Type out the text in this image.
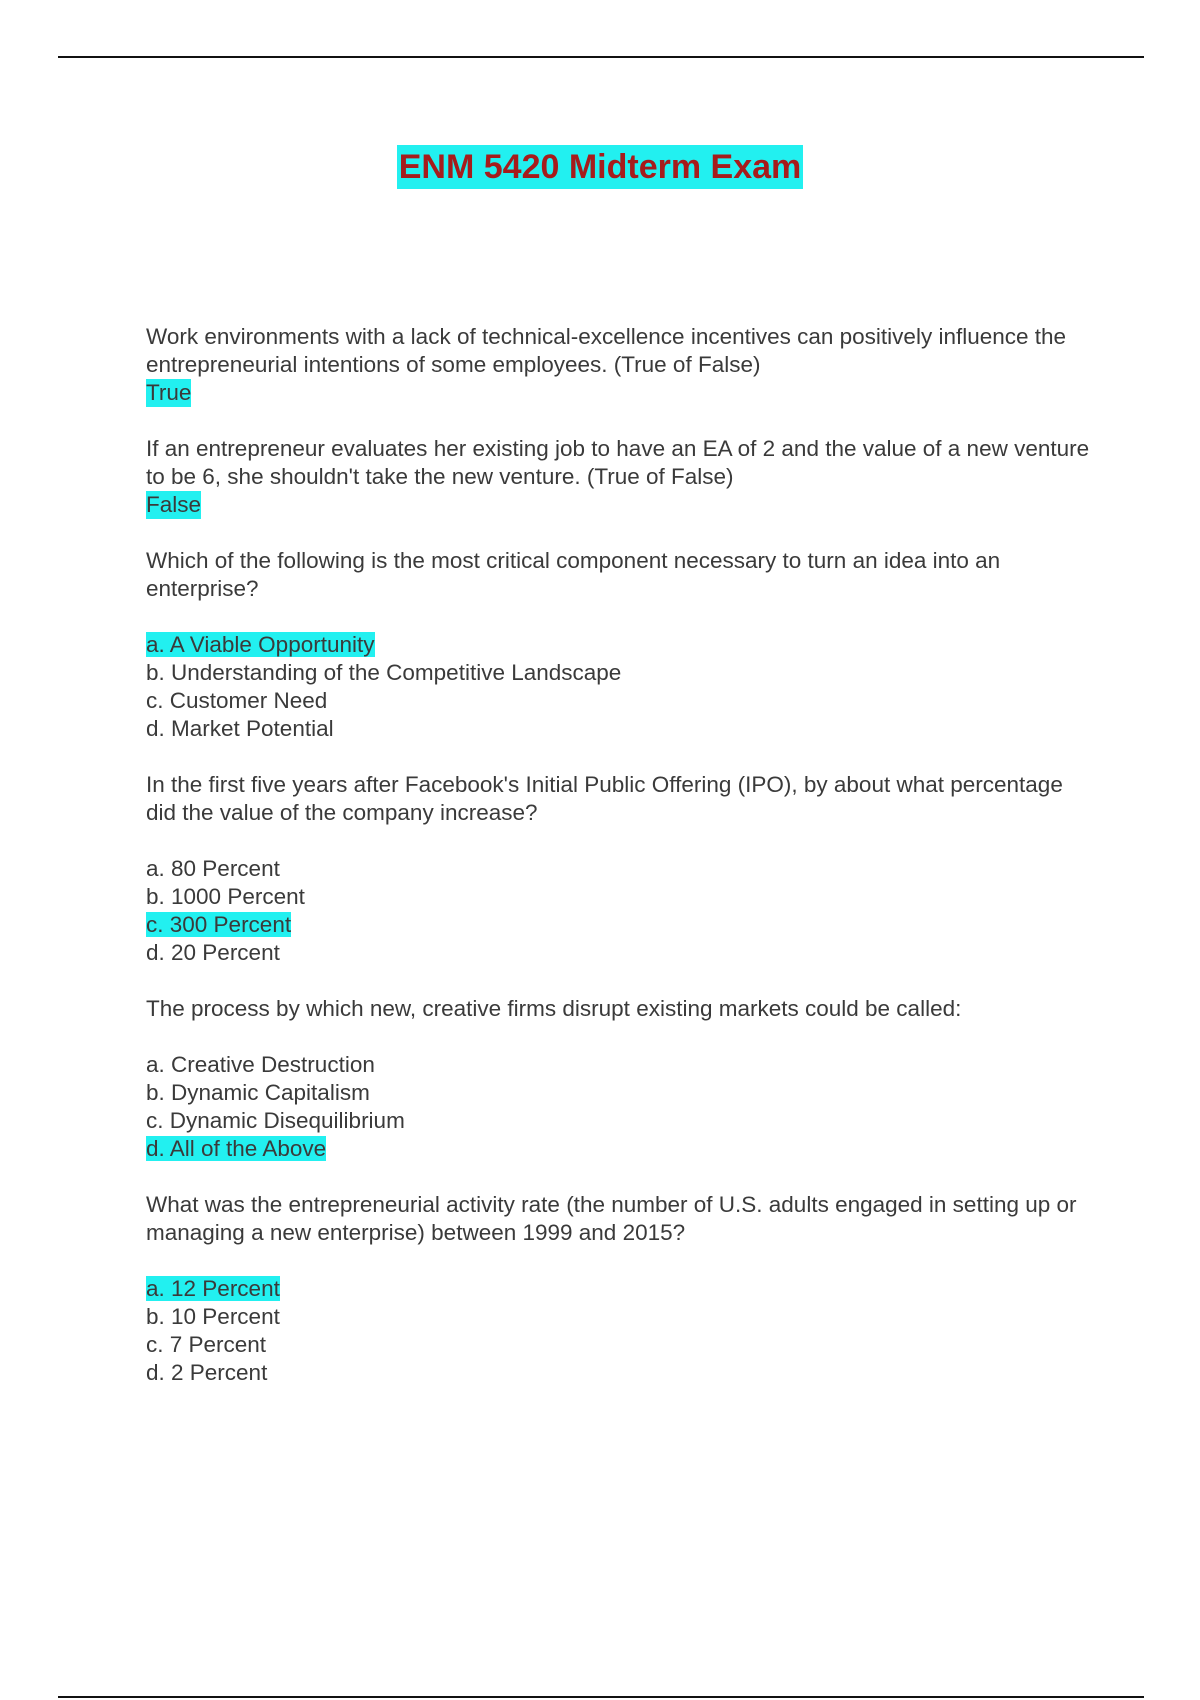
ENM 5420 Midterm Exam
Work environments with a lack of technical-excellence incentives can positively influence the entrepreneurial intentions of some employees. (True of False)
True
If an entrepreneur evaluates her existing job to have an EA of 2 and the value of a new venture to be 6, she shouldn't take the new venture. (True of False)
False
Which of the following is the most critical component necessary to turn an idea into an enterprise?
a. A Viable Opportunity
b. Understanding of the Competitive Landscape
c. Customer Need
d. Market Potential
In the first five years after Facebook's Initial Public Offering (IPO), by about what percentage did the value of the company increase?
a. 80 Percent
b. 1000 Percent
c. 300 Percent
d. 20 Percent
The process by which new, creative firms disrupt existing markets could be called:
a. Creative Destruction
b. Dynamic Capitalism
c. Dynamic Disequilibrium
d. All of the Above
What was the entrepreneurial activity rate (the number of U.S. adults engaged in setting up or managing a new enterprise) between 1999 and 2015?
a. 12 Percent
b. 10 Percent
c. 7 Percent
d. 2 Percent
